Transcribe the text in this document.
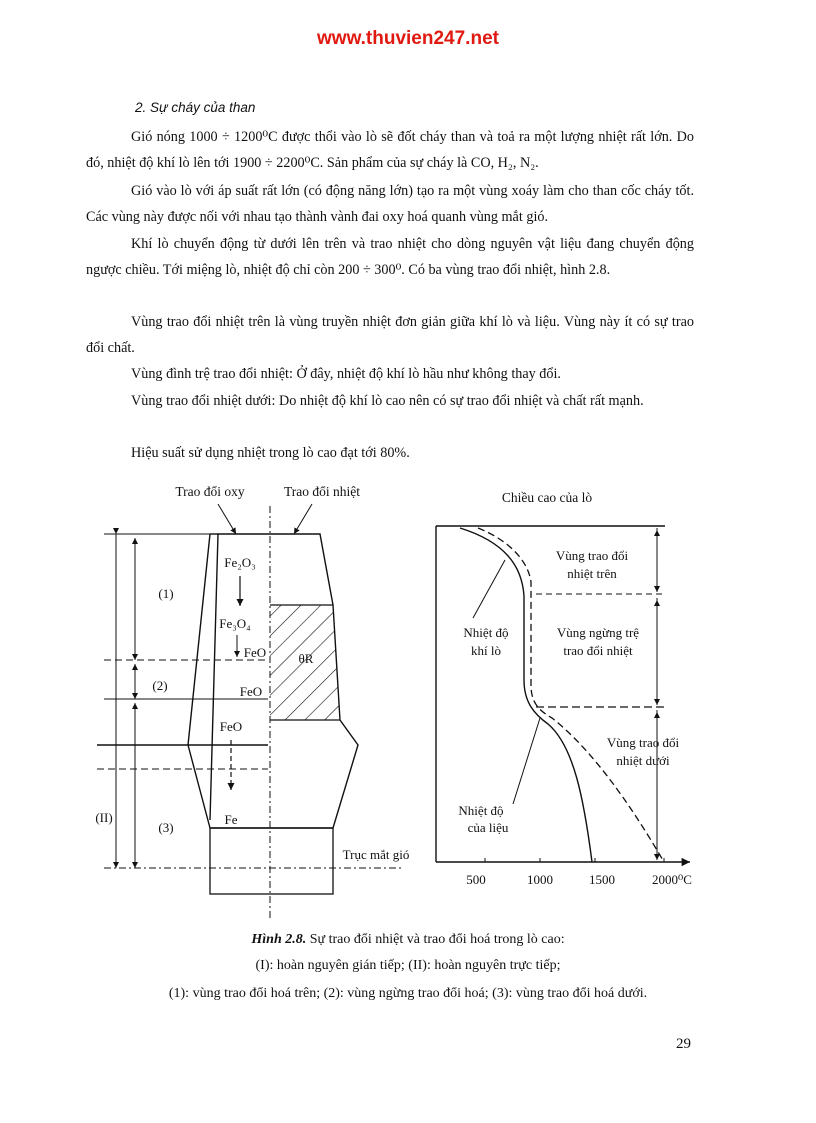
www.thuvien247.net
2. Sự cháy của than
Gió nóng 1000 ÷ 1200⁰C được thổi vào lò sẽ đốt cháy than và toả ra một lượng nhiệt rất lớn. Do đó, nhiệt độ khí lò lên tới 1900 ÷ 2200⁰C. Sản phẩm của sự cháy là CO, H₂, N₂.
Gió vào lò với áp suất rất lớn (có động năng lớn) tạo ra một vùng xoáy làm cho than cốc cháy tốt. Các vùng này được nối với nhau tạo thành vành đai oxy hoá quanh vùng mắt gió.
Khí lò chuyển động từ dưới lên trên và trao nhiệt cho dòng nguyên vật liệu đang chuyển động ngược chiều. Tới miệng lò, nhiệt độ chỉ còn 200 ÷ 300⁰. Có ba vùng trao đổi nhiệt, hình 2.8.
Vùng trao đổi nhiệt trên là vùng truyền nhiệt đơn giản giữa khí lò và liệu. Vùng này ít có sự trao đổi chất.
Vùng đình trệ trao đổi nhiệt: Ở đây, nhiệt độ khí lò hầu như không thay đổi.
Vùng trao đổi nhiệt dưới: Do nhiệt độ khí lò cao nên có sự trao đổi nhiệt và chất rất mạnh.
Hiệu suất sử dụng nhiệt trong lò cao đạt tới 80%.
Trao đổi oxy	Trao đổi nhiệt
(1)
(2)
(3)
(II)
Fe₂O₃
Fe₃O₄
FeO
FeO
FeO
Fe
θR
Trục mắt gió
Chiều cao của lò
500	1000	1500	2000⁰C
Vùng trao đổi
nhiệt trên
Vùng ngừng trệ
trao đổi nhiệt
Vùng trao đổi
nhiệt dưới
Nhiệt độ
khí lò
Nhiệt độ
của liệu
Hình 2.8. Sự trao đổi nhiệt và trao đổi hoá trong lò cao:
(I): hoàn nguyên gián tiếp; (II): hoàn nguyên trực tiếp;
(1): vùng trao đổi hoá trên; (2): vùng ngừng trao đổi hoá; (3): vùng trao đổi hoá dưới.
29
